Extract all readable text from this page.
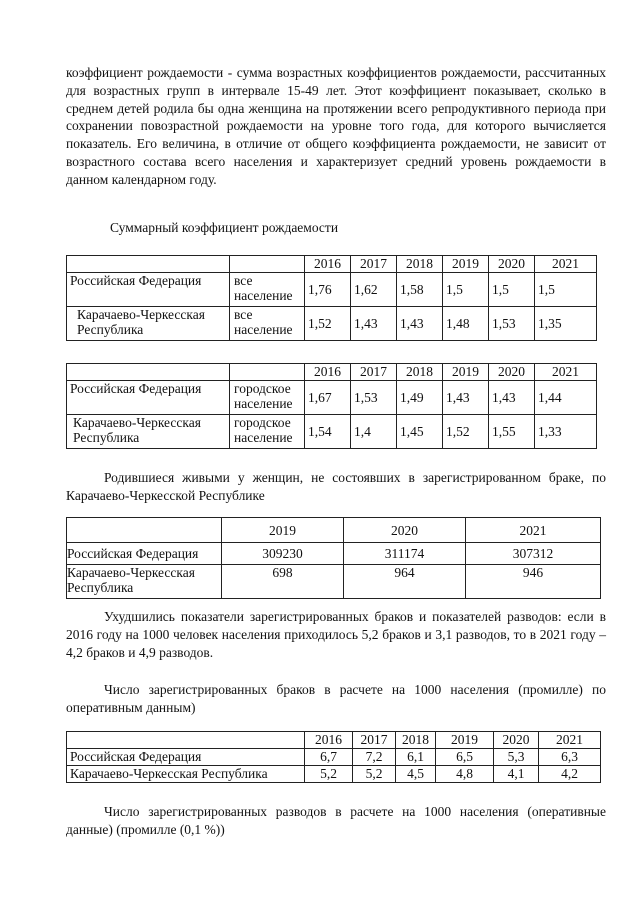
коэффициент рождаемости - сумма возрастных коэффициентов рождаемости, рассчитанных для возрастных групп в интервале 15-49 лет. Этот коэффициент показывает, сколько в среднем детей родила бы одна женщина на протяжении всего репродуктивного периода при сохранении повозрастной рождаемости на уровне того года, для которого вычисляется показатель. Его величина, в отличие от общего коэффициента рождаемости, не зависит от возрастного состава всего населения и характеризует средний уровень рождаемости в данном календарном году.

Суммарный коэффициент рождаемости

		2016	2017	2018	2019	2020	2021
Российская Федерация	все население	1,76	1,62	1,58	1,5	1,5	1,5
Карачаево-Черкесская Республика	все население	1,52	1,43	1,43	1,48	1,53	1,35
		2016	2017	2018	2019	2020	2021
Российская Федерация	городское население	1,67	1,53	1,49	1,43	1,43	1,44
Карачаево-Черкесская Республика	городское население	1,54	1,4	1,45	1,52	1,55	1,33

Родившиеся живыми у женщин, не состоявших в зарегистрированном браке, по Карачаево-Черкесской Республике

	2019	2020	2021
Российская Федерация	309230	311174	307312
Карачаево-Черкесская Республика	698	964	946

Ухудшились показатели зарегистрированных браков и показателей разводов: если в 2016 году на 1000 человек населения приходилось 5,2 браков и 3,1 разводов, то в 2021 году – 4,2 браков и 4,9 разводов.

Число зарегистрированных браков в расчете на 1000 населения (промилле) по оперативным данным)

	2016	2017	2018	2019	2020	2021
Российская Федерация	6,7	7,2	6,1	6,5	5,3	6,3
Карачаево-Черкесская Республика	5,2	5,2	4,5	4,8	4,1	4,2

Число зарегистрированных разводов в расчете на 1000 населения (оперативные данные) (промилле (0,1 %))
